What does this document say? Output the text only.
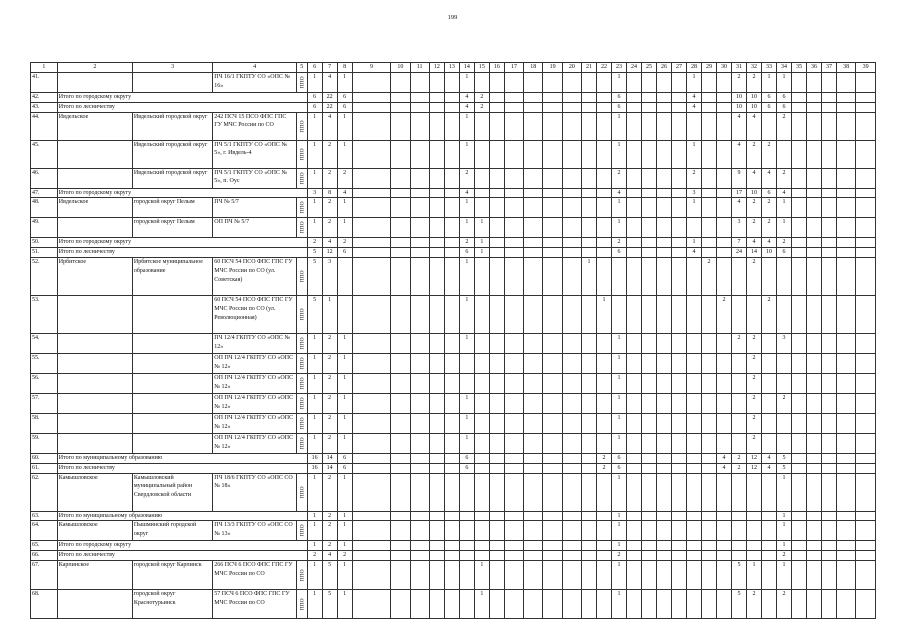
199
1	2	3	4	5	6	7	8	9	10	11	12	13	14	15	16	17	18	19	20	21	22	23	24	25	26	27	28	29	30	31	32	33	34	35	36	37	38	39
41.			ПЧ 16/1 ГКПТУ СО «ОПС № 16»	ППО	1	4	1						1									1					1			2	2	1	1					
42.	Итого по городскому округу				6	22	6						4	2								6					4			10	10	6	6					
43.	Итого по лесничеству				6	22	6						4	2								6					4			10	10	6	6					
44.	Ивдельское	Ивдельский городской округ	242 ПСЧ 15 ПСО ФПС ГПС ГУ МЧС России по СО	ППО	1	4	1						1									1								4	4		2					
45.		Ивдельский городской округ	ПЧ 5/1 ГКПТУ СО «ОПС № 5», г. Ивдель-4	ППО	1	2	1						1									1					1			4	2	2						
46.		Ивдельский городской округ	ПЧ 5/1 ГКПТУ СО «ОПС № 5», п. Оус	ППО	1	2	2						2									2					2			9	4	4	2					
47.	Итого по городскому округу				3	8	4						4									4					3			17	10	6	4					
48.	Ивдельское	городской округ Пелым	ПЧ № 5/7	ППО	1	2	1						1									1					1			4	2	2	1					
49.		городской округ Пелым	ОП ПЧ № 5/7	ППО	1	2	1						1	1								1								3	2	2	1					
50.	Итого по городскому округу				2	4	2						2	1								2					1			7	4	4	2					
51.	Итого по лесничеству				5	12	6						6	1								6					4			24	14	10	6					
52.	Ирбитское	Ирбитское муниципальное образование	60 ПСЧ 54 ПСО ФПС ГПС ГУ МЧС России по СО (ул. Советская)	ППО	5	3							1							1								2			2							
53.			60 ПСЧ 54 ПСО ФПС ГПС ГУ МЧС России по СО (ул. Революционная)	ППО	5	1							1								1								2			2						
54.			ПЧ 12/4 ГКПТУ СО «ОПС № 12»	ППО	1	2	1						1									1								2	2		3					
55.			ОП ПЧ 12/4 ГКПТУ СО «ОПС № 12»	ППО	1	2	1															1									2							
56.			ОП ПЧ 12/4 ГКПТУ СО «ОПС № 12»	ППО	1	2	1															1									2							
57.			ОП ПЧ 12/4 ГКПТУ СО «ОПС № 12»	ППО	1	2	1						1									1									2		2					
58.			ОП ПЧ 12/4 ГКПТУ СО «ОПС № 12»	ППО	1	2	1						1									1									2							
59.			ОП ПЧ 12/4 ГКПТУ СО «ОПС № 12»	ППО	1	2	1						1									1									2							
60.	Итого по муниципальному образованию				16	14	6						6								2	6							4	2	12	4	5					
61.	Итого по лесничеству				16	14	6						6								2	6							4	2	12	4	5					
62.	Камышловское	Камышловский муниципальный район Свердловской области	ПЧ 18/6 ГКПТУ СО «ОПС СО № 18»	ППО	1	2	1															1											1					
63.	Итого по муниципальному образованию				1	2	1															1											1					
64.	Камышловское	Пышминский городской округ	ПЧ 13/3 ГКПТУ СО «ОПС СО № 13»	ППО	1	2	1															1											1					
65.	Итого по городскому округу				1	2	1															1											1					
66.	Итого по лесничеству				2	4	2															2											2					
67.	Карпинское	городской округ Карпинск	266 ПСЧ 6 ПСО ФПС ГПС ГУ МЧС России по СО	ППО	1	5	1							1								1								5	1		1					
68.		городской округ Краснотурьинск	57 ПСЧ 6 ПСО ФПС ГПС ГУ МЧС России по СО	ППО	1	5	1							1								1								5	2		2					
